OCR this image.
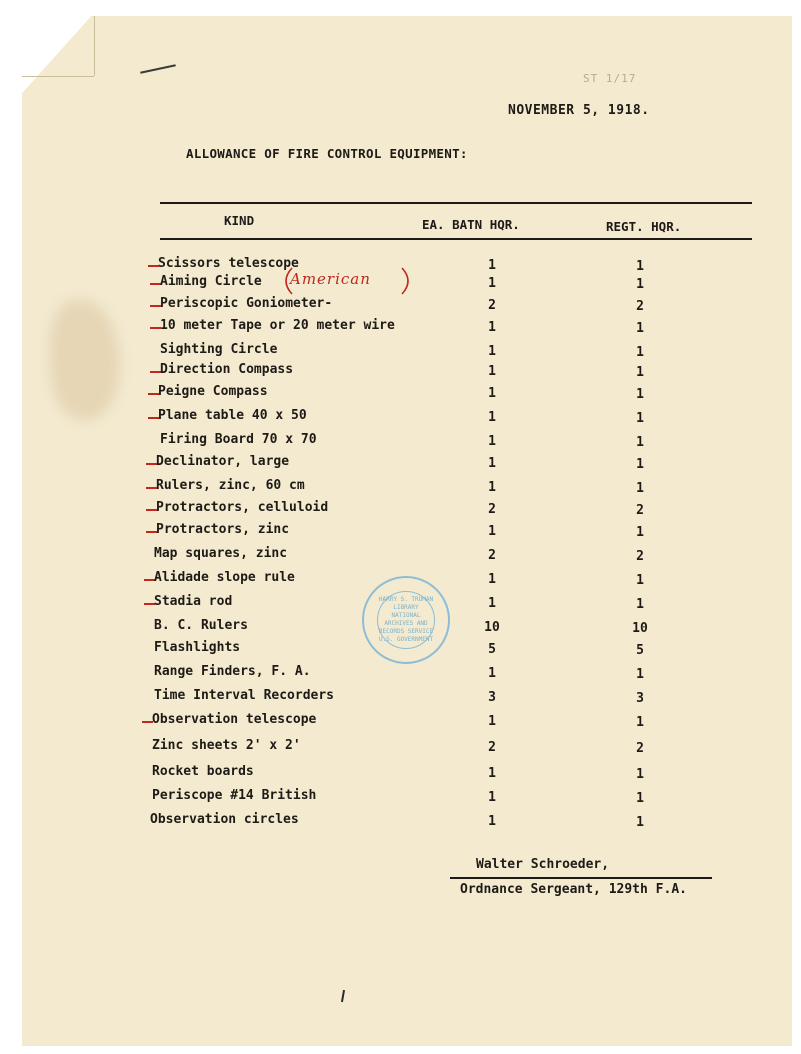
ST 1/17
NOVEMBER 5, 1918.
ALLOWANCE OF FIRE CONTROL EQUIPMENT:
KIND	EA. BATN HQR.	REGT. HQR.
Scissors telescope	1	1
Aiming Circle	1	1
Periscopic Goniometer-	2	2
10 meter Tape or 20 meter wire	1	1
Sighting Circle	1	1
Direction Compass	1	1
Peigne Compass	1	1
Plane table 40 x 50	1	1
Firing Board 70 x 70	1	1
Declinator, large	1	1
Rulers, zinc, 60 cm	1	1
Protractors, celluloid	2	2
Protractors, zinc	1	1
Map squares, zinc	2	2
Alidade slope rule	1	1
Stadia rod	1	1
B. C. Rulers	10	10
Flashlights	5	5
Range Finders, F. A.	1	1
Time Interval Recorders	3	3
Observation telescope	1	1
Zinc sheets 2' x 2'	2	2
Rocket boards	1	1
Periscope #14 British	1	1
Observation circles	1	1
American
HARRY S. TRUMAN LIBRARY NATIONAL ARCHIVES AND RECORDS SERVICE U.S. GOVERNMENT
Walter Schroeder,
Ordnance Sergeant, 129th F.A.
